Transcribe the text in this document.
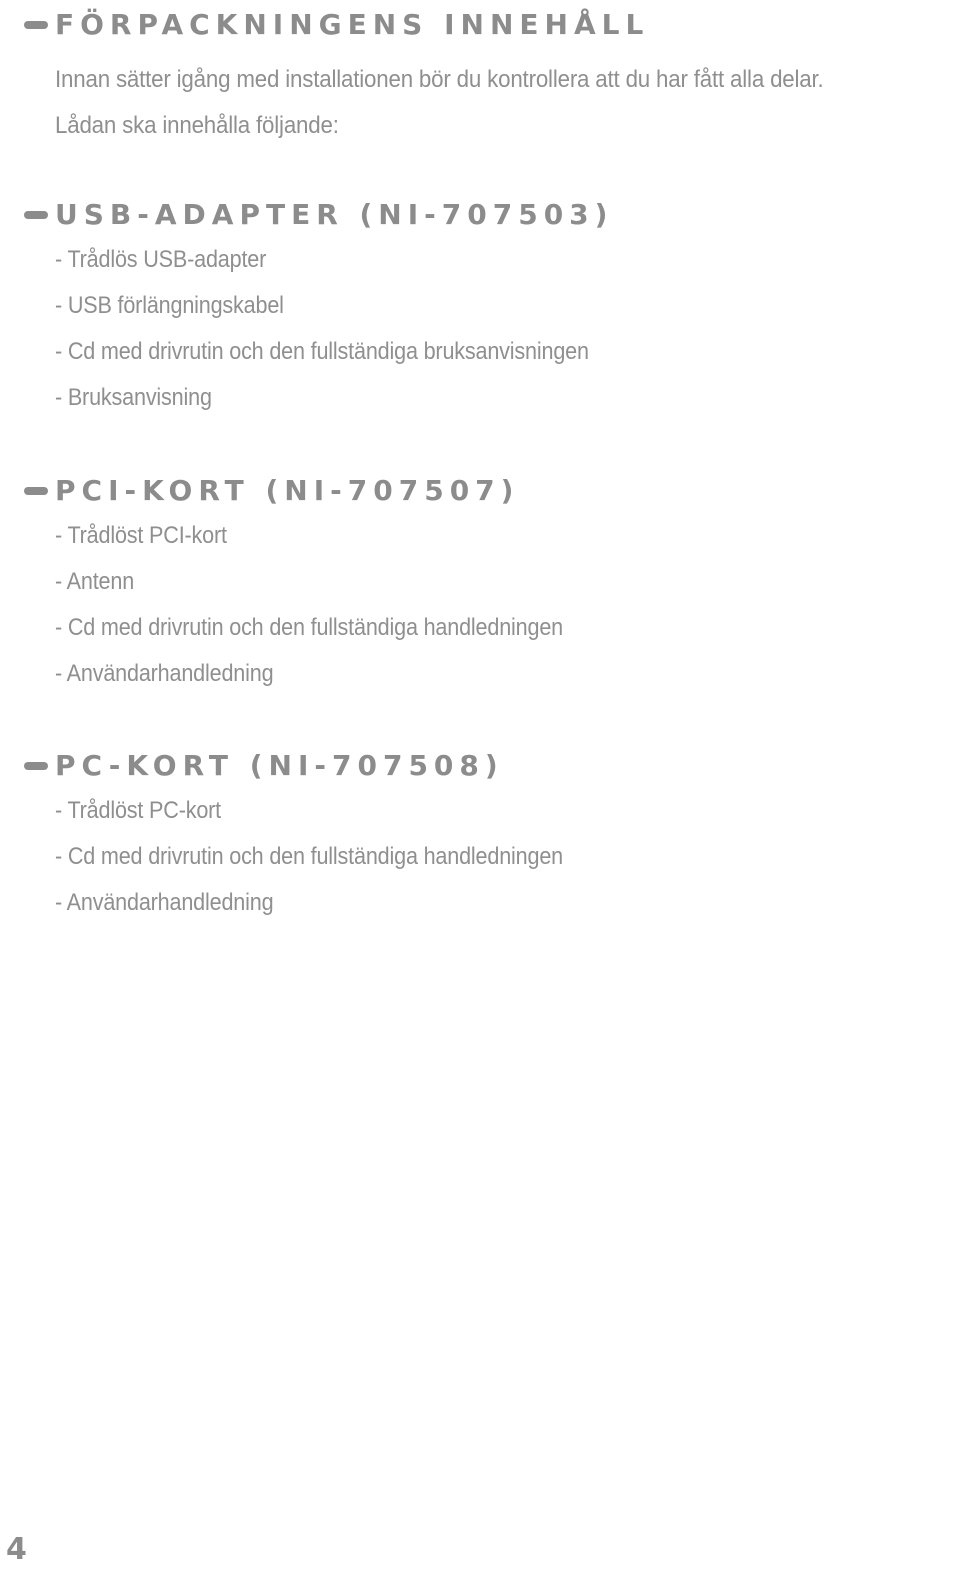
FÖRPACKNINGENS INNEHÅLL
Innan sätter igång med installationen bör du kontrollera att du har fått alla delar.
Lådan ska innehålla följande:
USB-ADAPTER (NI-707503)
- Trådlös USB-adapter
- USB förlängningskabel
- Cd med drivrutin och den fullständiga bruksanvisningen
- Bruksanvisning
PCI-KORT (NI-707507)
- Trådlöst PCI-kort
- Antenn
- Cd med drivrutin och den fullständiga handledningen
- Användarhandledning
PC-KORT (NI-707508)
- Trådlöst PC-kort
- Cd med drivrutin och den fullständiga handledningen
- Användarhandledning
4
